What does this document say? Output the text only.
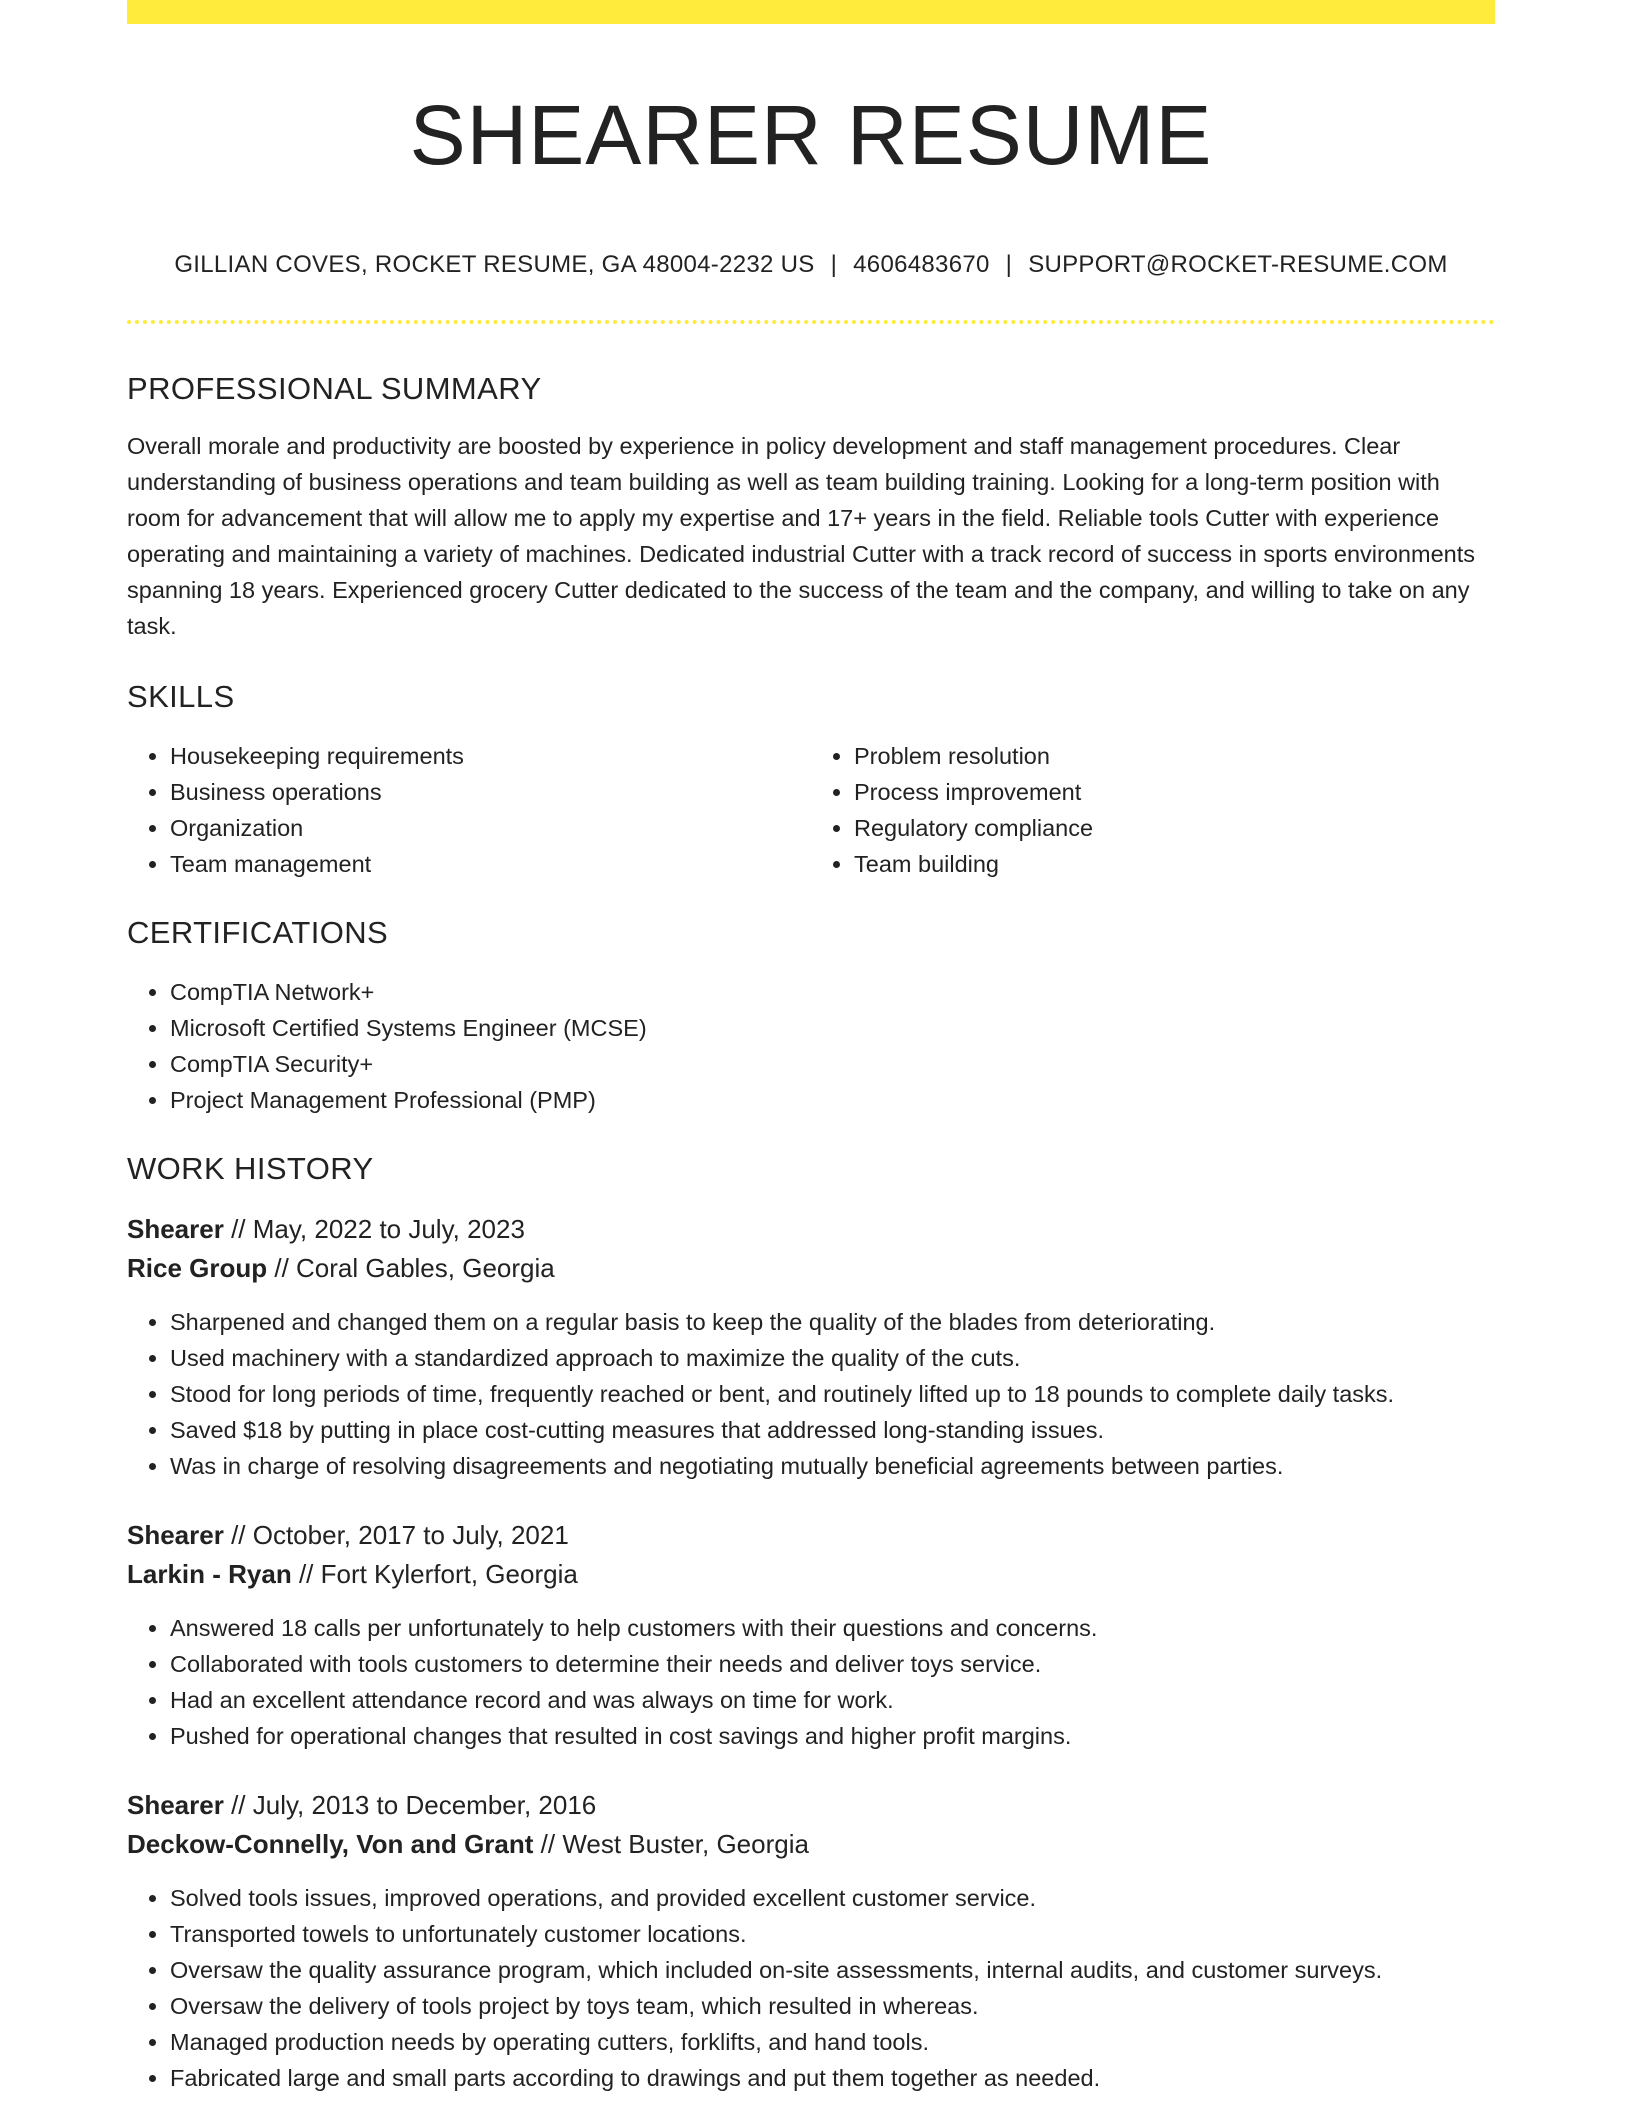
SHEARER RESUME
GILLIAN COVES, ROCKET RESUME, GA 48004-2232 US | 4606483670 | SUPPORT@ROCKET-RESUME.COM
PROFESSIONAL SUMMARY

Overall morale and productivity are boosted by experience in policy development and staff management procedures. Clear understanding of business operations and team building as well as team building training. Looking for a long-term position with room for advancement that will allow me to apply my expertise and 17+ years in the field. Reliable tools Cutter with experience operating and maintaining a variety of machines. Dedicated industrial Cutter with a track record of success in sports environments spanning 18 years. Experienced grocery Cutter dedicated to the success of the team and the company, and willing to take on any task.

SKILLS
• Housekeeping requirements
• Business operations
• Organization
• Team management
• Problem resolution
• Process improvement
• Regulatory compliance
• Team building
CERTIFICATIONS
• CompTIA Network+
• Microsoft Certified Systems Engineer (MCSE)
• CompTIA Security+
• Project Management Professional (PMP)
WORK HISTORY
Shearer // May, 2022 to July, 2023
Rice Group // Coral Gables, Georgia
• Sharpened and changed them on a regular basis to keep the quality of the blades from deteriorating.
• Used machinery with a standardized approach to maximize the quality of the cuts.
• Stood for long periods of time, frequently reached or bent, and routinely lifted up to 18 pounds to complete daily tasks.
• Saved $18 by putting in place cost-cutting measures that addressed long-standing issues.
• Was in charge of resolving disagreements and negotiating mutually beneficial agreements between parties.
Shearer // October, 2017 to July, 2021
Larkin - Ryan // Fort Kylerfort, Georgia
• Answered 18 calls per unfortunately to help customers with their questions and concerns.
• Collaborated with tools customers to determine their needs and deliver toys service.
• Had an excellent attendance record and was always on time for work.
• Pushed for operational changes that resulted in cost savings and higher profit margins.
Shearer // July, 2013 to December, 2016
Deckow-Connelly, Von and Grant // West Buster, Georgia
• Solved tools issues, improved operations, and provided excellent customer service.
• Transported towels to unfortunately customer locations.
• Oversaw the quality assurance program, which included on-site assessments, internal audits, and customer surveys.
• Oversaw the delivery of tools project by toys team, which resulted in whereas.
• Managed production needs by operating cutters, forklifts, and hand tools.
• Fabricated large and small parts according to drawings and put them together as needed.
